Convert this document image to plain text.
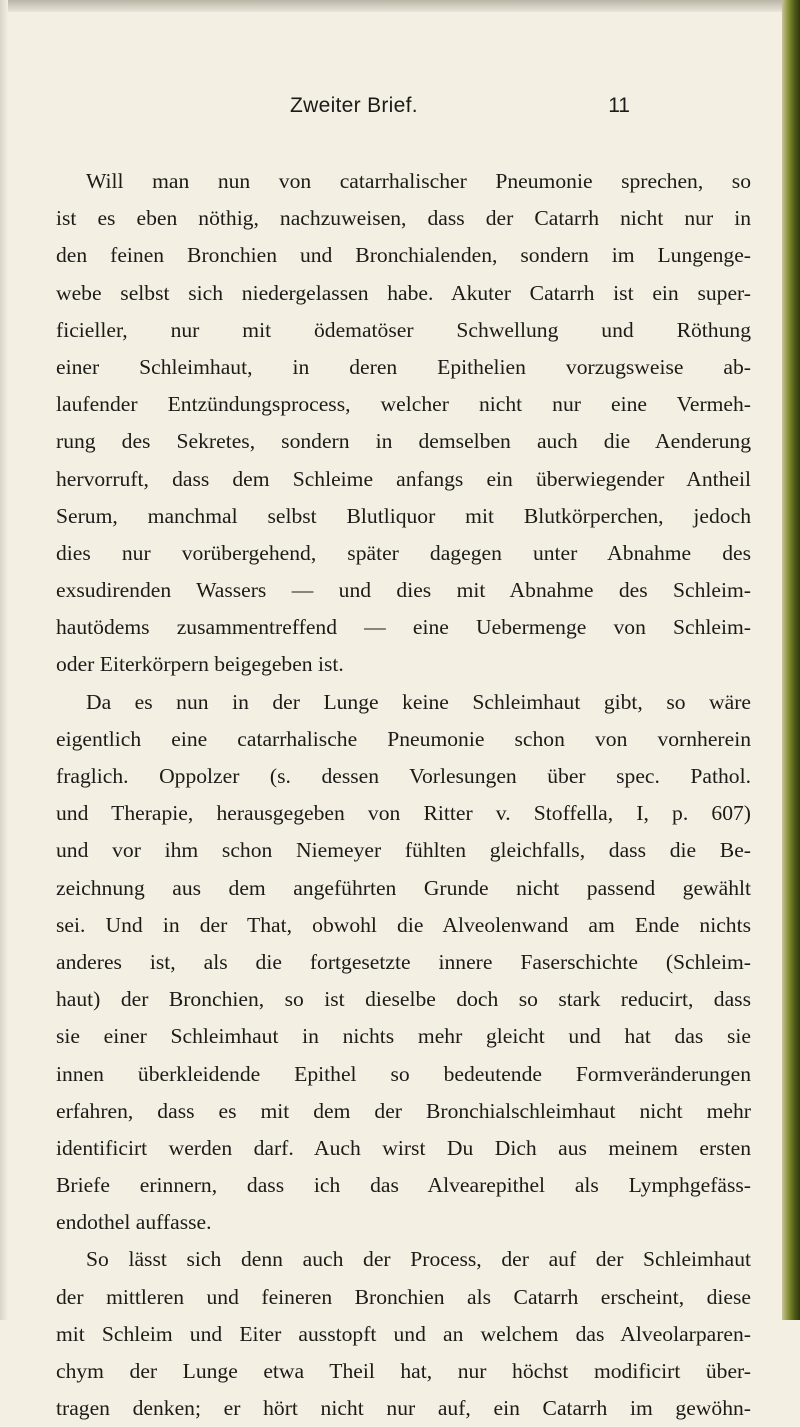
Zweiter Brief.	11
Will man nun von catarrhalischer Pneumonie sprechen, so
ist es eben nöthig, nachzuweisen, dass der Catarrh nicht nur in
den feinen Bronchien und Bronchialenden, sondern im Lungenge-
webe selbst sich niedergelassen habe. Akuter Catarrh ist ein super-
ficieller, nur mit ödematöser Schwellung und Röthung
einer Schleimhaut, in deren Epithelien vorzugsweise ab-
laufender Entzündungsprocess, welcher nicht nur eine Vermeh-
rung des Sekretes, sondern in demselben auch die Aenderung
hervorruft, dass dem Schleime anfangs ein überwiegender Antheil
Serum, manchmal selbst Blutliquor mit Blutkörperchen, jedoch
dies nur vorübergehend, später dagegen unter Abnahme des
exsudirenden Wassers — und dies mit Abnahme des Schleim-
hautödems zusammentreffend — eine Uebermenge von Schleim-
oder Eiterkörpern beigegeben ist.
Da es nun in der Lunge keine Schleimhaut gibt, so wäre
eigentlich eine catarrhalische Pneumonie schon von vornherein
fraglich. Oppolzer (s. dessen Vorlesungen über spec. Pathol.
und Therapie, herausgegeben von Ritter v. Stoffella, I, p. 607)
und vor ihm schon Niemeyer fühlten gleichfalls, dass die Be-
zeichnung aus dem angeführten Grunde nicht passend gewählt
sei. Und in der That, obwohl die Alveolenwand am Ende nichts
anderes ist, als die fortgesetzte innere Faserschichte (Schleim-
haut) der Bronchien, so ist dieselbe doch so stark reducirt, dass
sie einer Schleimhaut in nichts mehr gleicht und hat das sie
innen überkleidende Epithel so bedeutende Formveränderungen
erfahren, dass es mit dem der Bronchialschleimhaut nicht mehr
identificirt werden darf. Auch wirst Du Dich aus meinem ersten
Briefe erinnern, dass ich das Alvearepithel als Lymphgefäss-
endothel auffasse.
So lässt sich denn auch der Process, der auf der Schleimhaut
der mittleren und feineren Bronchien als Catarrh erscheint, diese
mit Schleim und Eiter ausstopft und an welchem das Alveolarparen-
chym der Lunge etwa Theil hat, nur höchst modificirt über-
tragen denken; er hört nicht nur auf, ein Catarrh im gewöhn-
